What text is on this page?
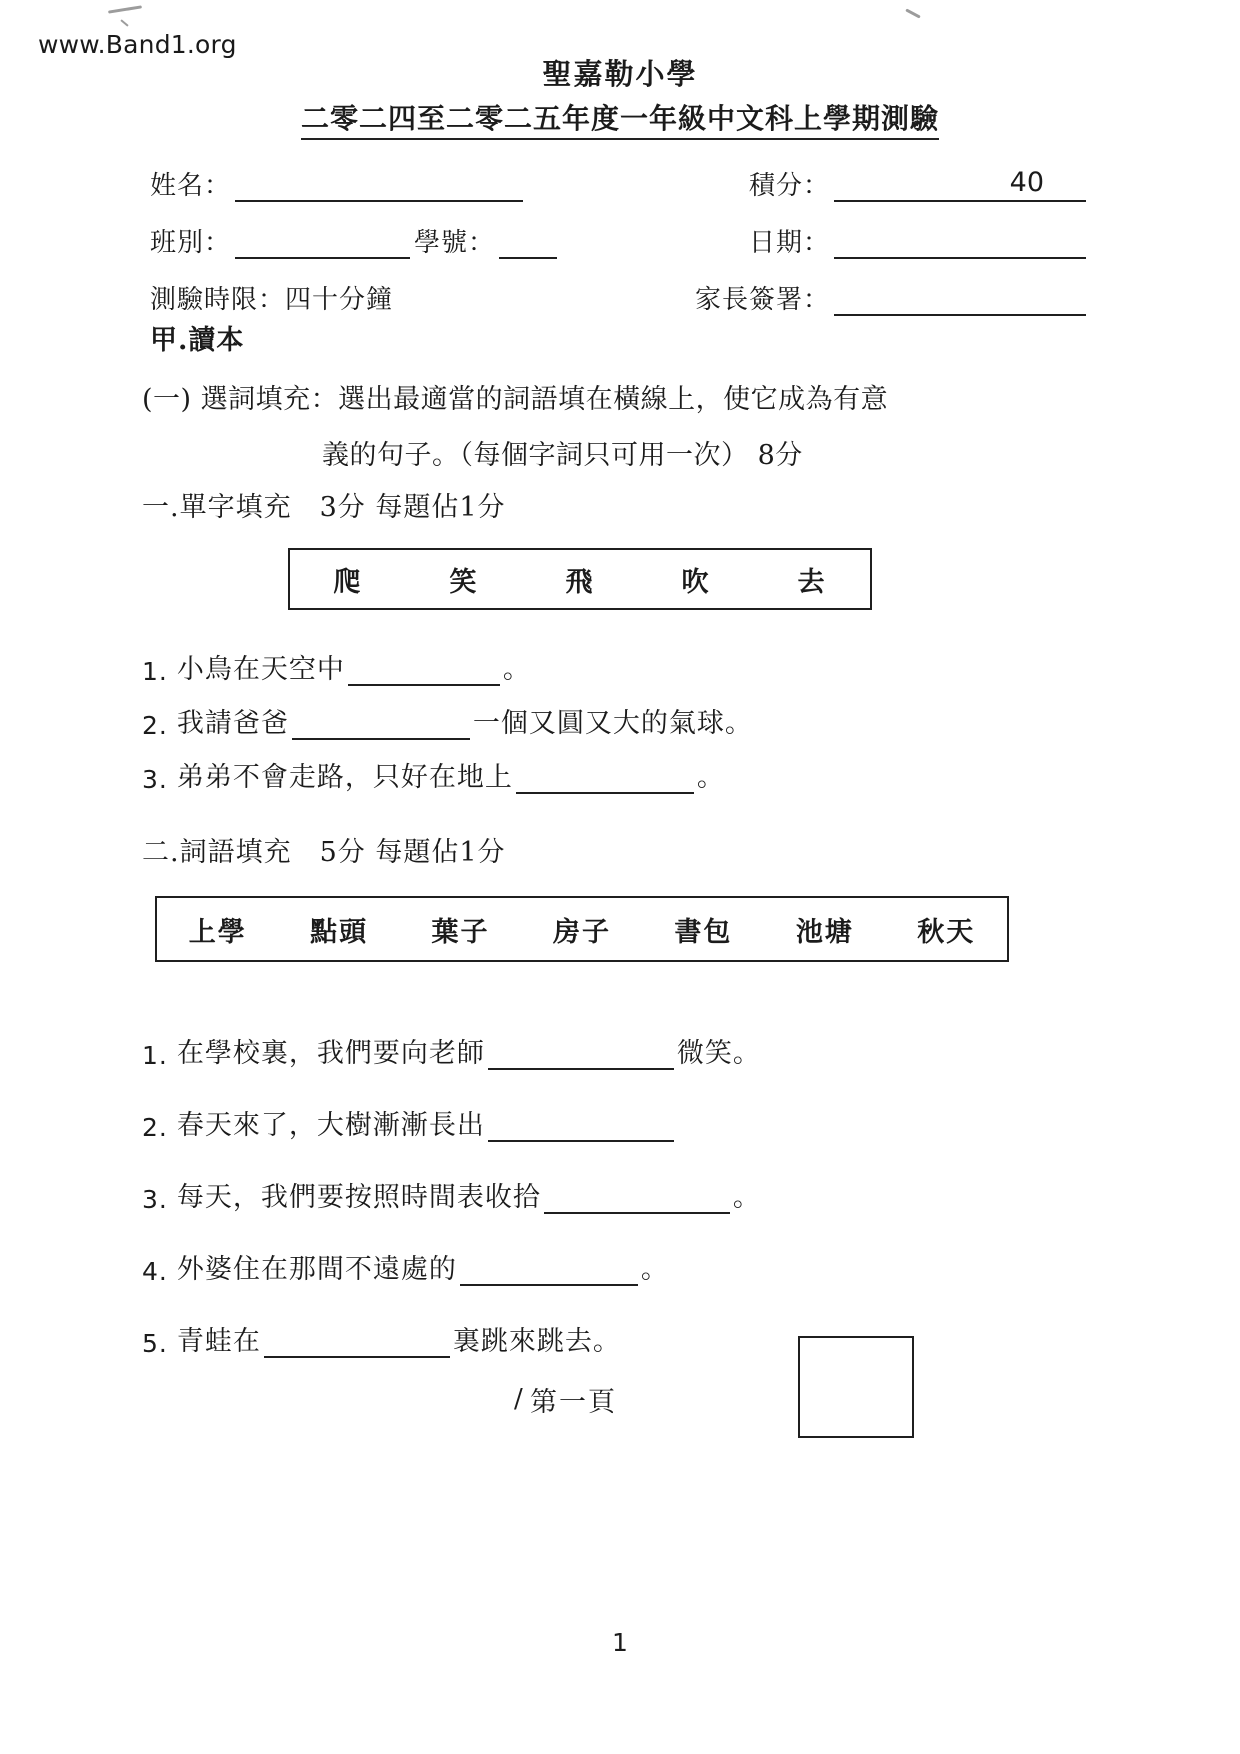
www.Band1.org
聖嘉勒小學
二零二四至二零二五年度一年級中文科上學期測驗
姓名：	積分：	40
班別：	學號：	日期：
測驗時限：四十分鐘	家長簽署：
甲.讀本
(一) 選詞填充：選出最適當的詞語填在橫線上，使它成為有意
義的句子。（每個字詞只可用一次） 8分
一.單字填充　3分 每題佔1分
爬	笑	飛	吹	去
1. 小鳥在天空中	。
2. 我請爸爸	一個又圓又大的氣球。
3. 弟弟不會走路，只好在地上	。
二.詞語填充　5分 每題佔1分
上學 點頭 葉子 房子 書包 池塘 秋天
1. 在學校裏，我們要向老師	微笑。
2. 春天來了，大樹漸漸長出
3. 每天，我們要按照時間表收拾	。
4. 外婆住在那間不遠處的	。
5. 青蛙在	裏跳來跳去。
/ 第一頁
1
